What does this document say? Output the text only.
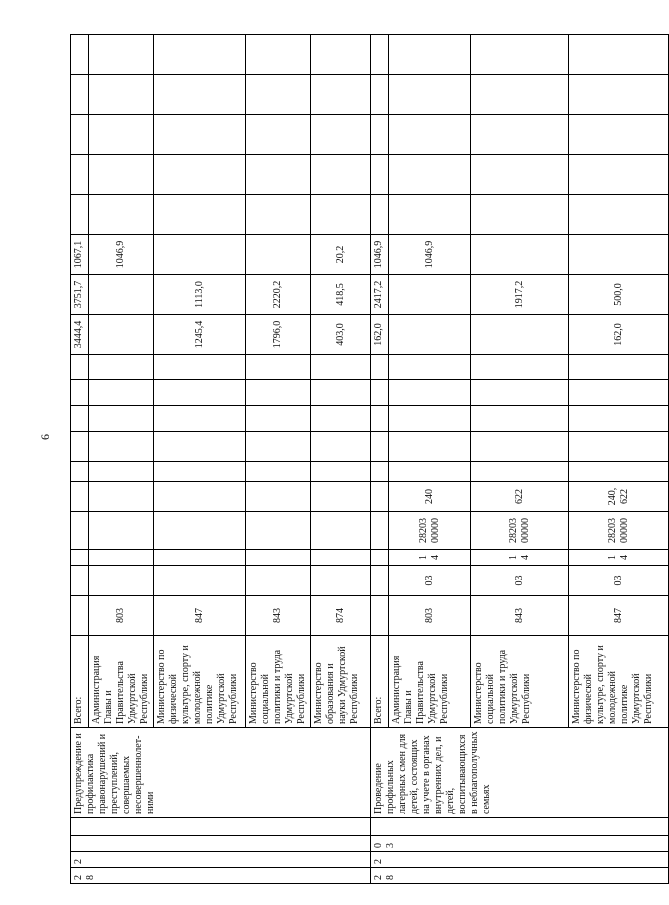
6
28	2			Предупреждение и профилактика правонарушений и преступлений, совершаемых несовершеннолет-ними	Всего:											3444,4	3751,7	1067,1					
					Администрация Главы и Правительства Удмуртской Республики	803												1046,9					
					Министерство по физической культуре, спорту и молодежной политике Удмуртской Республики	847										1245,4	1113,0						
					Министерство социальной политики и труда Удмуртской Республики	843										1796,0	2220,2						
					Министерство образования и науки Удмуртской Республики	874										403,0	418,5	20,2					
28	2	03		Проведение профильных лагерных смен для детей, состоящих на учете в органах внутренних дел, и детей, воспитывающихся в неблагополучных семьях	Всего:											162,0	2417,2	1046,9					
					Администрация Главы и Правительства Удмуртской Республики	803	03	14	28203 00000	240								1046,9					
					Министерство социальной политики и труда Удмуртской Республики	843	03	14	28203 00000	622							1917,2						
					Министерство по физической культуре, спорту и молодежной политике Удмуртской Республики	847	03	14	28203 00000	240, 622						162,0	500,0						
